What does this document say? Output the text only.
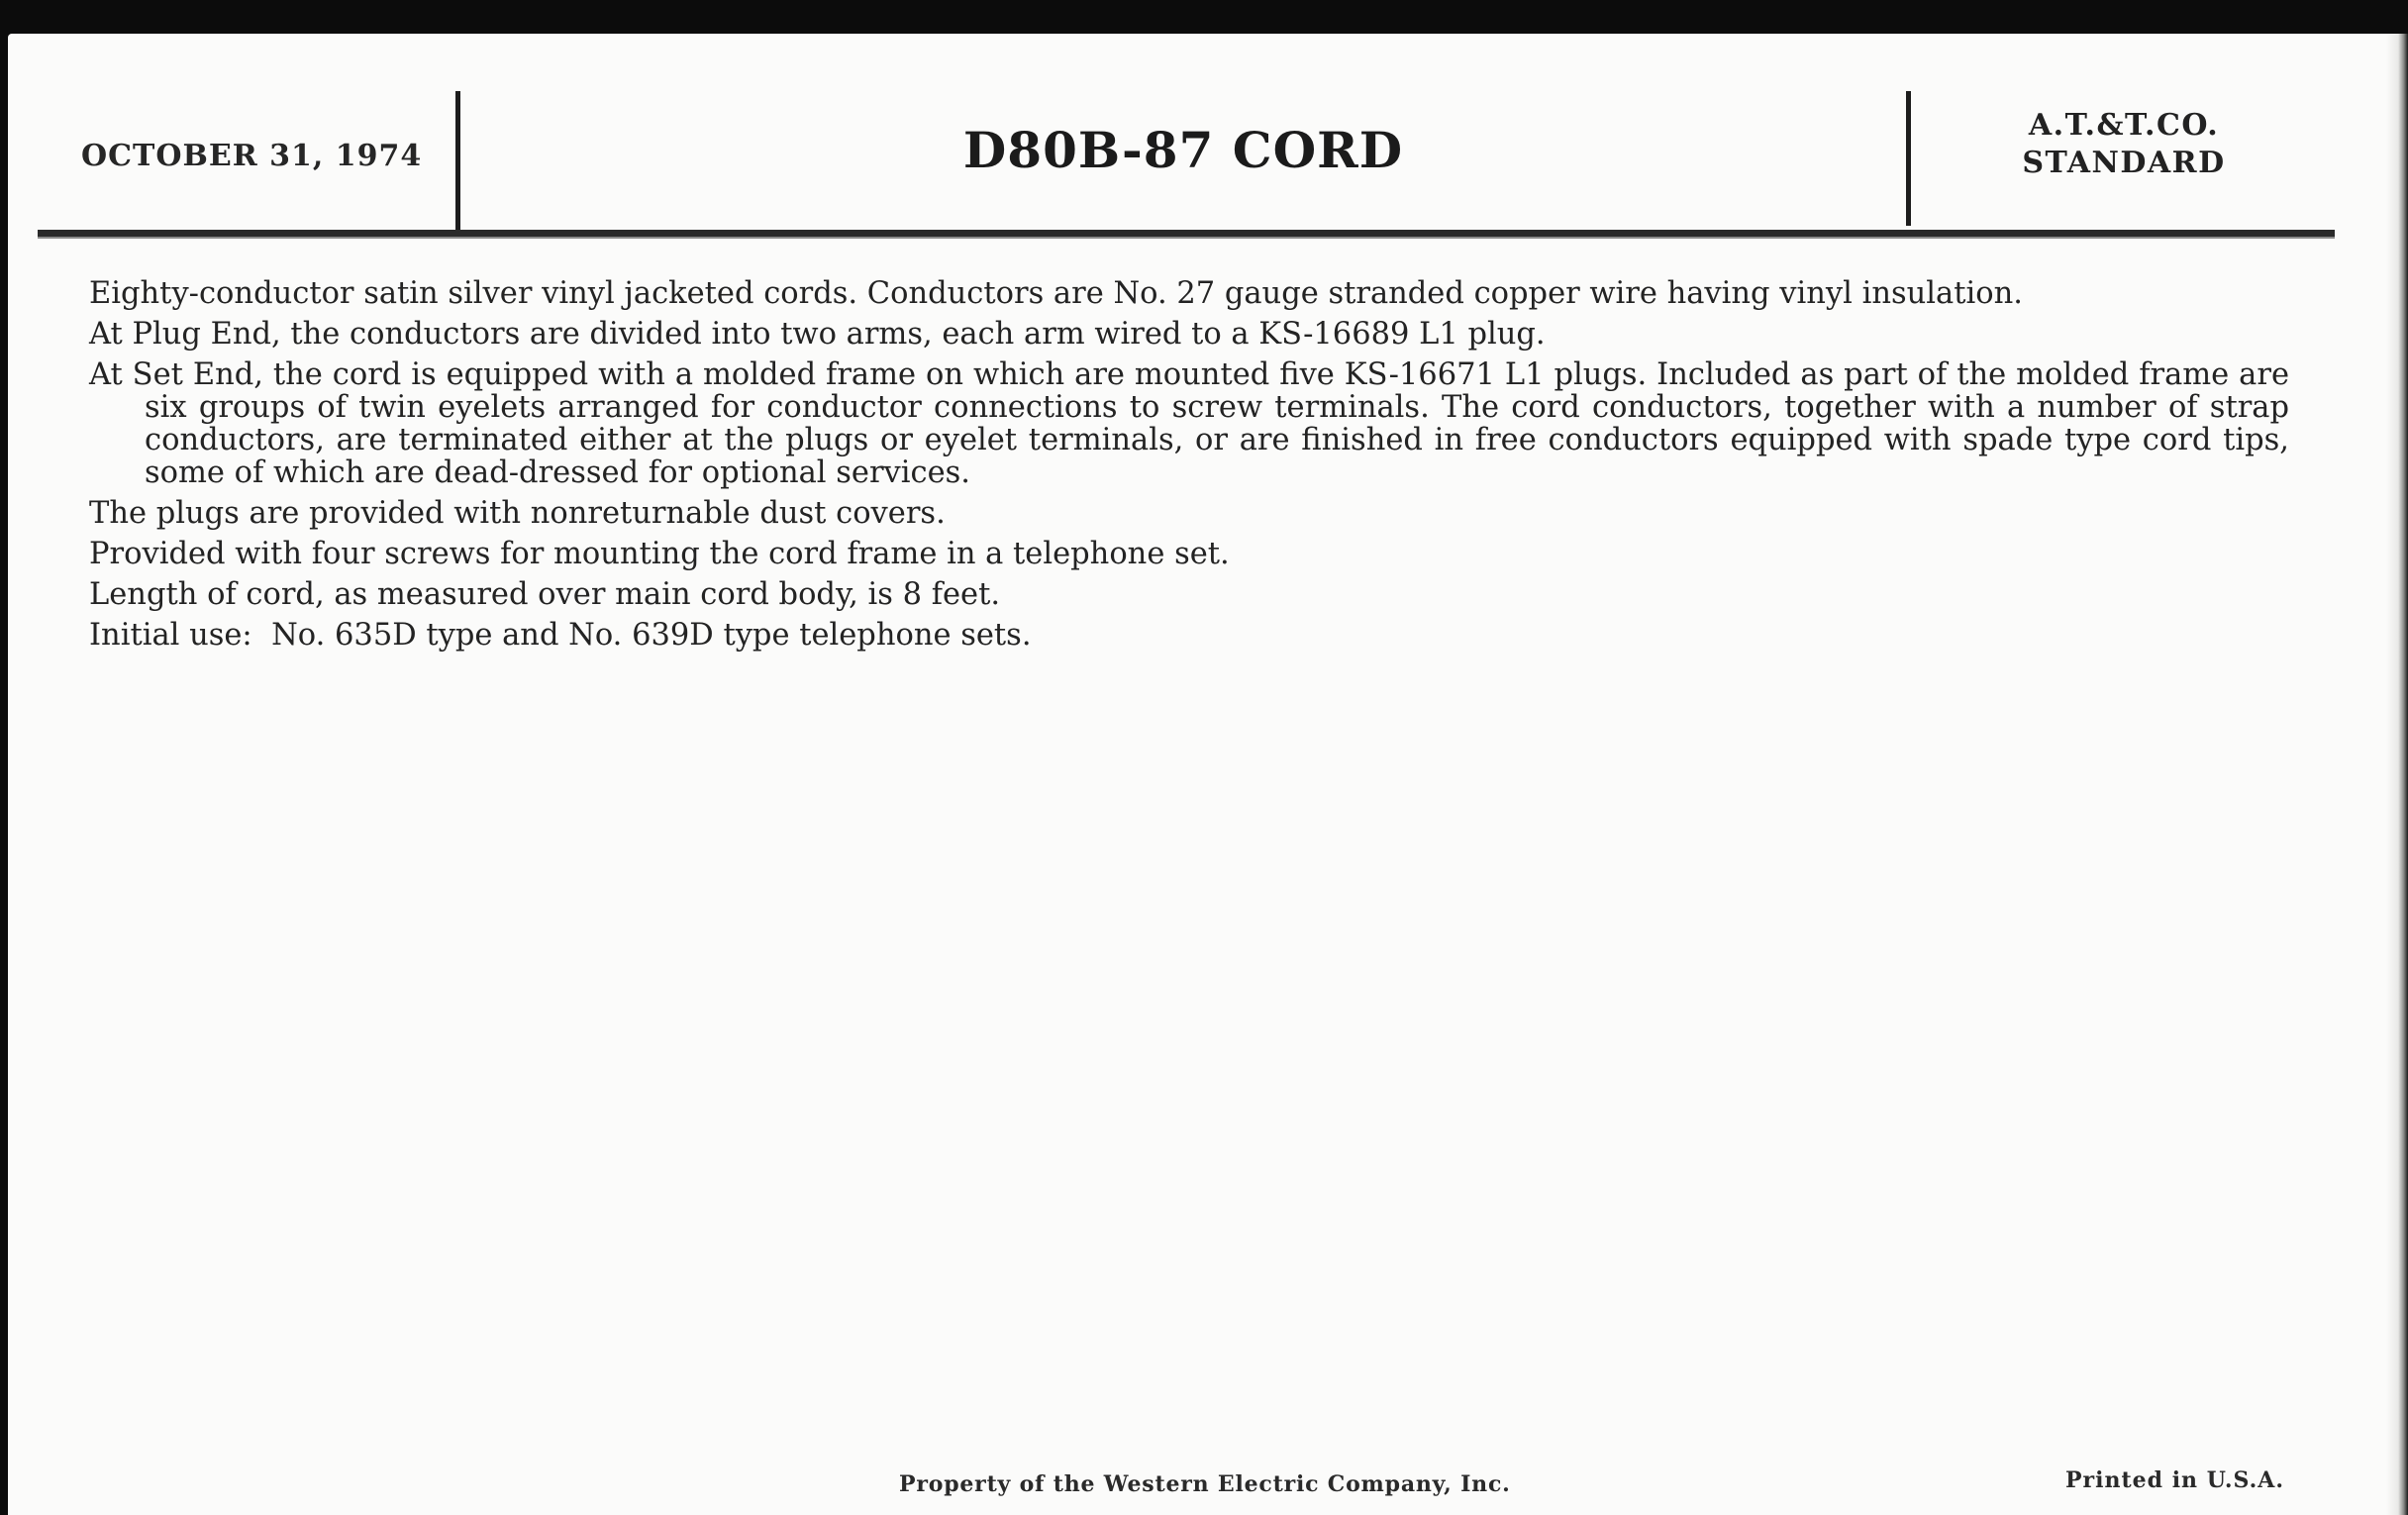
OCTOBER 31, 1974	D80B-87 CORD	A.T.&T.CO.
STANDARD

Eighty-conductor satin silver vinyl jacketed cords. Conductors are No. 27 gauge stranded copper wire having vinyl insulation.

At Plug End, the conductors are divided into two arms, each arm wired to a KS-16689 L1 plug.

At Set End, the cord is equipped with a molded frame on which are mounted five KS-16671 L1 plugs. Included as part of the molded frame are six groups of twin eyelets arranged for conductor connections to screw terminals. The cord conductors, together with a number of strap conductors, are terminated either at the plugs or eyelet terminals, or are finished in free conductors equipped with spade type cord tips, some of which are dead-dressed for optional services.

The plugs are provided with nonreturnable dust covers.

Provided with four screws for mounting the cord frame in a telephone set.

Length of cord, as measured over main cord body, is 8 feet.

Initial use:  No. 635D type and No. 639D type telephone sets.

Property of the Western Electric Company, Inc.	Printed in U.S.A.
